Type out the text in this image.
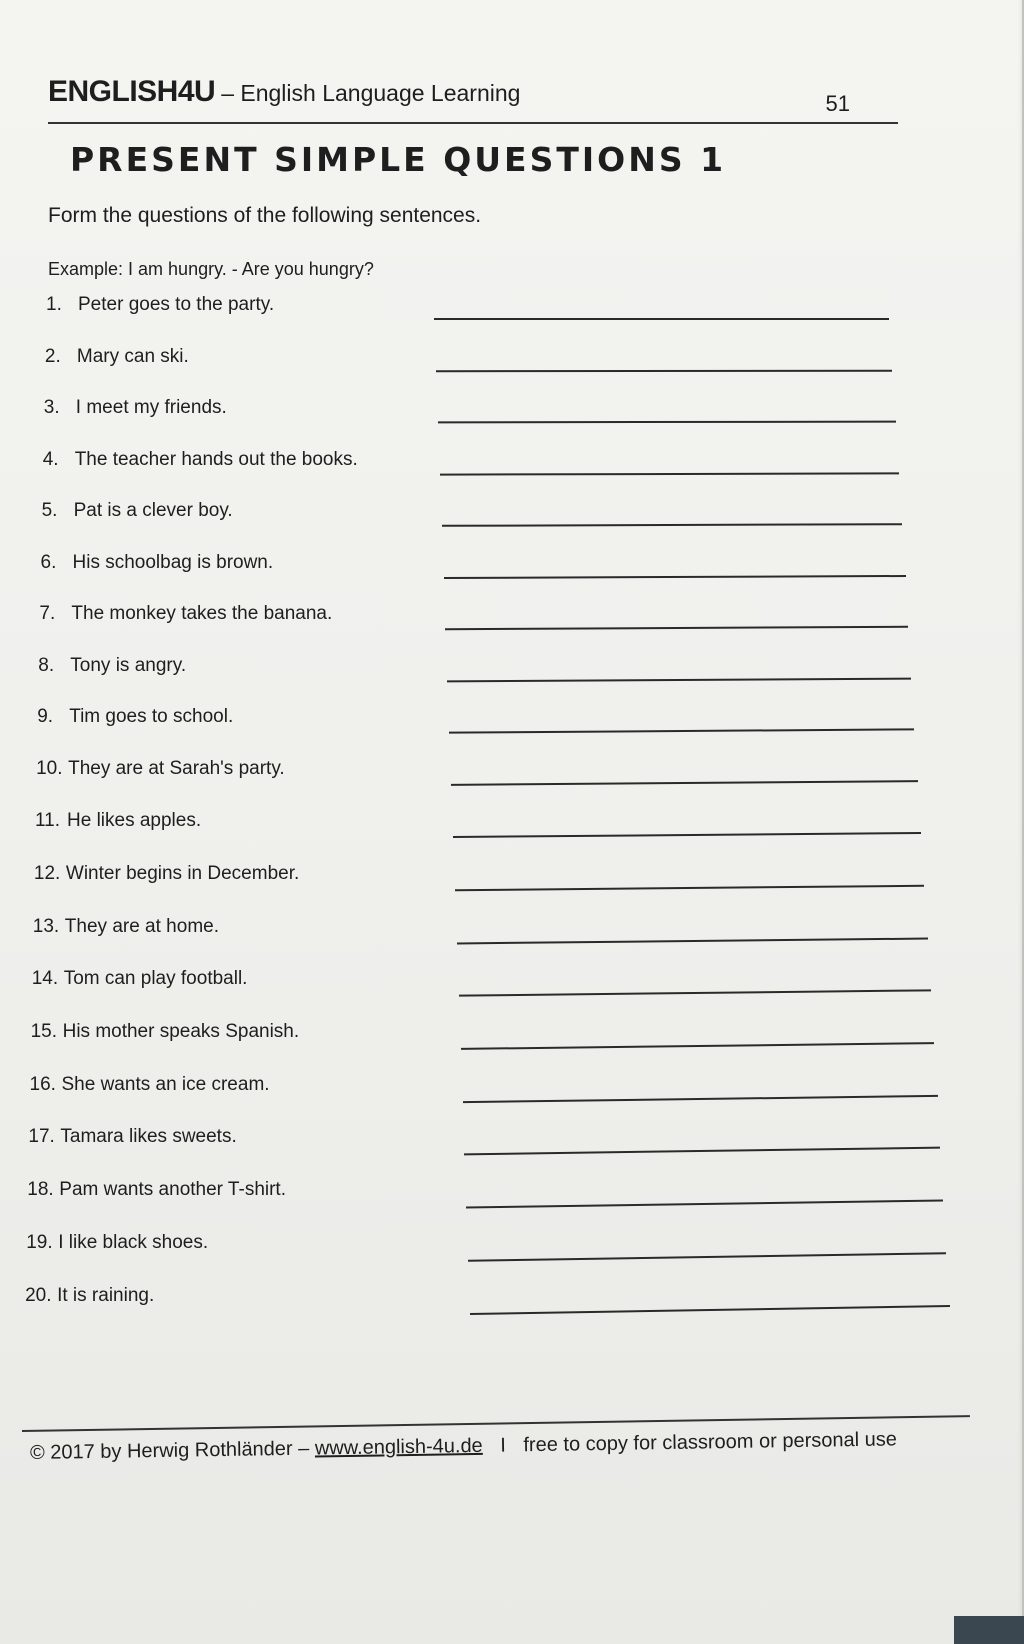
ENGLISH4U – English Language Learning	51
PRESENT SIMPLE QUESTIONS 1
Form the questions of the following sentences.
Example: I am hungry. - Are you hungry?
1. Peter goes to the party.
2. Mary can ski.
3. I meet my friends.
4. The teacher hands out the books.
5. Pat is a clever boy.
6. His schoolbag is brown.
7. The monkey takes the banana.
8. Tony is angry.
9. Tim goes to school.
10. They are at Sarah's party.
11. He likes apples.
12. Winter begins in December.
13. They are at home.
14. Tom can play football.
15. His mother speaks Spanish.
16. She wants an ice cream.
17. Tamara likes sweets.
18. Pam wants another T-shirt.
19. I like black shoes.
20. It is raining.
© 2017 by Herwig Rothländer – www.english-4u.de I free to copy for classroom or personal use
